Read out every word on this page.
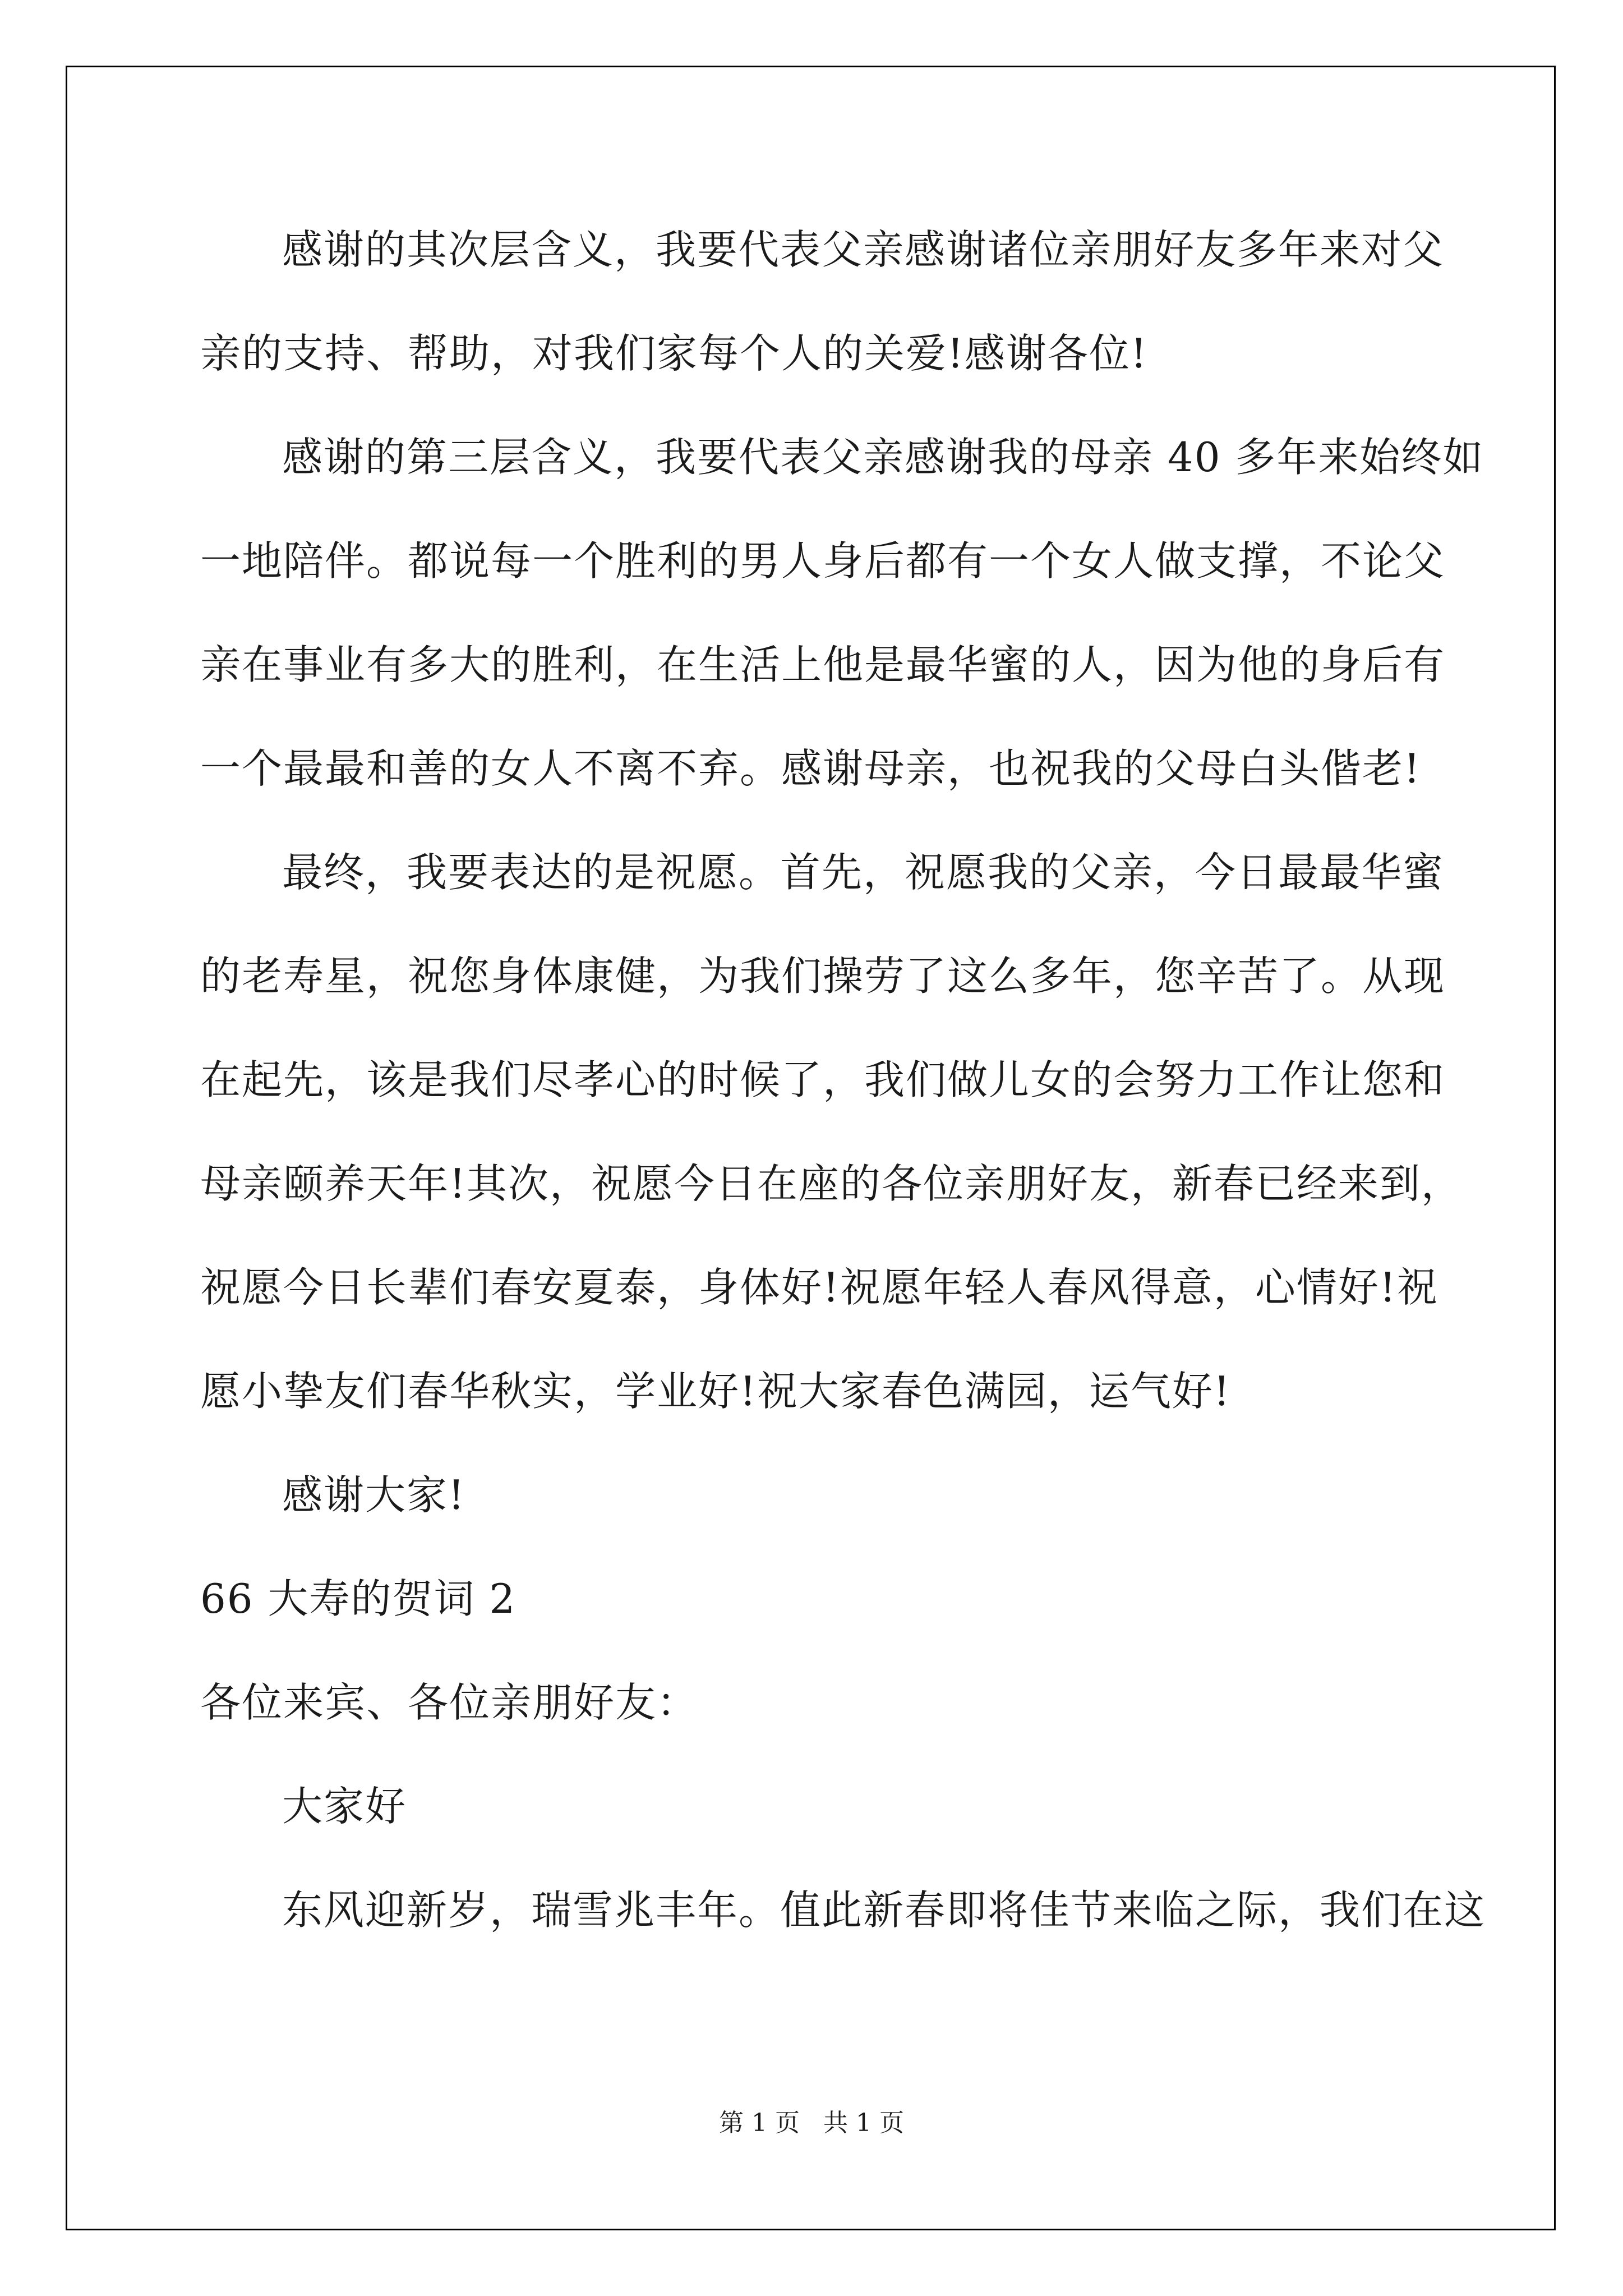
感谢的其次层含义，我要代表父亲感谢诸位亲朋好友多年来对父
亲的支持、帮助，对我们家每个人的关爱!感谢各位!
感谢的第三层含义，我要代表父亲感谢我的母亲 40 多年来始终如
一地陪伴。都说每一个胜利的男人身后都有一个女人做支撑，不论父
亲在事业有多大的胜利，在生活上他是最华蜜的人，因为他的身后有
一个最最和善的女人不离不弃。感谢母亲，也祝我的父母白头偕老!
最终，我要表达的是祝愿。首先，祝愿我的父亲，今日最最华蜜
的老寿星，祝您身体康健，为我们操劳了这么多年，您辛苦了。从现
在起先，该是我们尽孝心的时候了，我们做儿女的会努力工作让您和
母亲颐养天年!其次，祝愿今日在座的各位亲朋好友，新春已经来到，
祝愿今日长辈们春安夏泰，身体好!祝愿年轻人春风得意，心情好!祝
愿小挚友们春华秋实，学业好!祝大家春色满园，运气好!
感谢大家!
66 大寿的贺词 2
各位来宾、各位亲朋好友：
大家好
东风迎新岁，瑞雪兆丰年。值此新春即将佳节来临之际，我们在这
第 1 页 共 1 页
